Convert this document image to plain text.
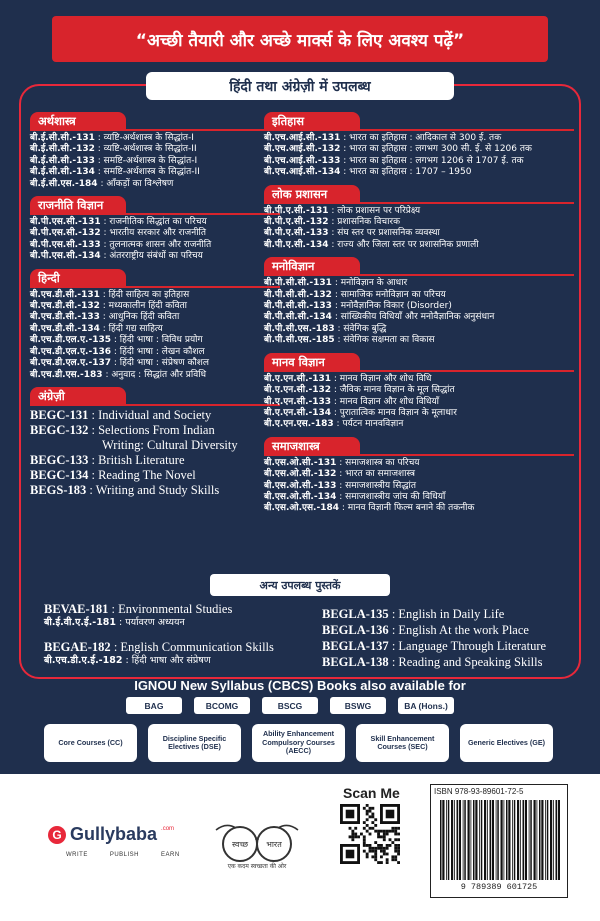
“अच्छी तैयारी और अच्छे मार्क्स के लिए अवश्य पढ़ें”
हिंदी तथा अंग्रेज़ी में उपलब्ध
अर्थशास्त्र
बी.ई.सी.सी.-131 : व्यष्टि-अर्थशास्त्र के सिद्धांत-I
बी.ई.सी.सी.-132 : व्यष्टि-अर्थशास्त्र के सिद्धांत-II
बी.ई.सी.सी.-133 : समष्टि-अर्थशास्त्र के सिद्धांत-I
बी.ई.सी.सी.-134 : समष्टि-अर्थशास्त्र के सिद्धांत-II
बी.ई.सी.एस.-184 : आँकड़ों का विश्लेषण
राजनीति विज्ञान
बी.पी.एस.सी.-131 : राजनीतिक सिद्धांत का परिचय
बी.पी.एस.सी.-132 : भारतीय सरकार और राजनीति
बी.पी.एस.सी.-133 : तुलनात्मक शासन और राजनीति
बी.पी.एस.सी.-134 : अंतरराष्ट्रीय संबंधों का परिचय
हिन्दी
बी.एच.डी.सी.-131 : हिंदी साहित्य का इतिहास
बी.एच.डी.सी.-132 : मध्यकालीन हिंदी कविता
बी.एच.डी.सी.-133 : आधुनिक हिंदी कविता
बी.एच.डी.सी.-134 : हिंदी गद्य साहित्य
बी.एच.डी.एल.ए.-135 : हिंदी भाषा : विविध प्रयोग
बी.एच.डी.एल.ए.-136 : हिंदी भाषा : लेखन कौशल
बी.एच.डी.एल.ए.-137 : हिंदी भाषा : संप्रेषण कौशल
बी.एच.डी.एस.-183 : अनुवाद : सिद्धांत और प्रविधि
अंग्रेज़ी
BEGC-131 : Individual and Society
BEGC-132 : Selections From Indian
Writing: Cultural Diversity
BEGC-133 : British Literature
BEGC-134 : Reading The Novel
BEGS-183 : Writing and Study Skills
इतिहास
बी.एच.आई.सी.-131 : भारत का इतिहास : आदिकाल से 300 ई. तक
बी.एच.आई.सी.-132 : भारत का इतिहास : लगभग 300 सी. ई. से 1206 तक
बी.एच.आई.सी.-133 : भारत का इतिहास : लगभग 1206 से 1707 ई. तक
बी.एच.आई.सी.-134 : भारत का इतिहास : 1707 – 1950
लोक प्रशासन
बी.पी.ए.सी.-131 : लोक प्रशासन पर परिप्रेक्ष्य
बी.पी.ए.सी.-132 : प्रशासनिक विचारक
बी.पी.ए.सी.-133 : संघ स्तर पर प्रशासनिक व्यवस्था
बी.पी.ए.सी.-134 : राज्य और जिला स्तर पर प्रशासनिक प्रणाली
मनोविज्ञान
बी.पी.सी.सी.-131 : मनोविज्ञान के आधार
बी.पी.सी.सी.-132 : सामाजिक मनोविज्ञान का परिचय
बी.पी.सी.सी.-133 : मनोवैज्ञानिक विकार (Disorder)
बी.पी.सी.सी.-134 : सांख्यिकीय विधियाँ और मनोवैज्ञानिक अनुसंधान
बी.पी.सी.एस.-183 : संवेगिक बुद्धि
बी.पी.सी.एस.-185 : संवेगिक सक्षमता का विकास
मानव विज्ञान
बी.ए.एन.सी.-131 : मानव विज्ञान और शोध विधि
बी.ए.एन.सी.-132 : जैविक मानव विज्ञान के मूल सिद्धांत
बी.ए.एन.सी.-133 : मानव विज्ञान और शोध विधियाँ
बी.ए.एन.सी.-134 : पुरातात्विक मानव विज्ञान के मूलाधार
बी.ए.एन.एस.-183 : पर्यटन मानवविज्ञान
समाजशास्त्र
बी.एस.ओ.सी.-131 : समाजशास्त्र का परिचय
बी.एस.ओ.सी.-132 : भारत का समाजशास्त्र
बी.एस.ओ.सी.-133 : समाजशास्त्रीय सिद्धांत
बी.एस.ओ.सी.-134 : समाजशास्त्रीय जांच की विधियाँ
बी.एस.ओ.एस.-184 : मानव विज्ञानी फिल्म बनाने की तकनीक
अन्य उपलब्ध पुस्तकें
BEVAE-181 : Environmental Studies
बी.ई.वी.ए.ई.-181 : पर्यावरण अध्ययन
BEGAE-182 : English Communication Skills
बी.एच.डी.ए.ई.-182 : हिंदी भाषा और संप्रेषण
BEGLA-135 : English in Daily Life
BEGLA-136 : English At the work Place
BEGLA-137 : Language Through Literature
BEGLA-138 : Reading and Speaking Skills
IGNOU New Syllabus (CBCS) Books also available for
BAG	BCOMG	BSCG	BSWG	BA (Hons.)
Core Courses (CC)	Discipline Specific Electives (DSE)
Ability Enhancement Compulsory Courses (AECC)
Skill Enhancement Courses (SEC)	Generic Electives (GE)
G Gullybaba .com
WRITE	PUBLISH	EARN
स्वच्छ भारत
एक कदम स्वच्छता की ओर
Scan Me	ISBN 978-93-89601-72-5
9 789389 601725
